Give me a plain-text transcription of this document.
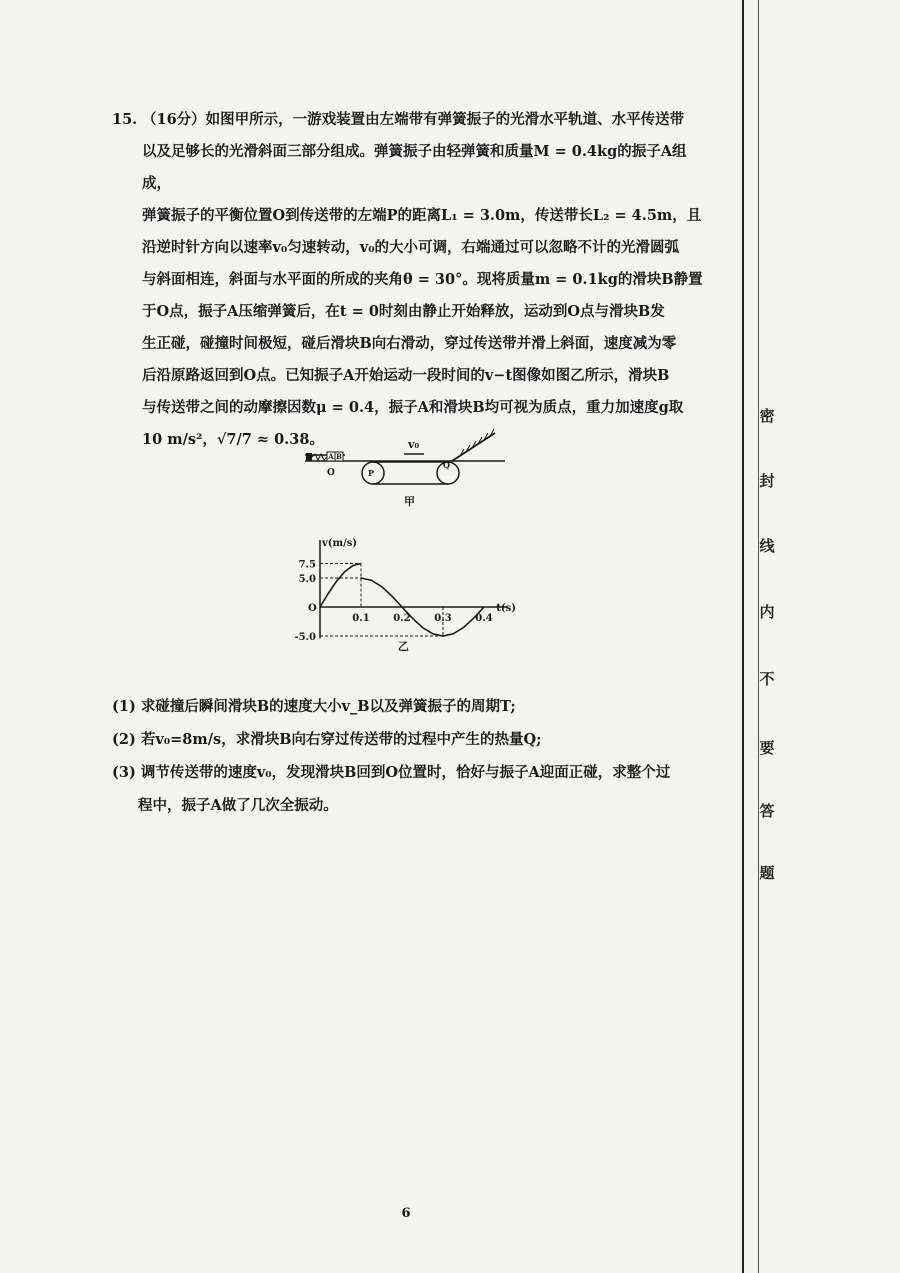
密
封
线
内
不
要
答
题

15. （16分）如图甲所示，一游戏装置由左端带有弹簧振子的光滑水平轨道、水平传送带

以及足够长的光滑斜面三部分组成。弹簧振子由轻弹簧和质量M = 0.4kg的振子A组成，

弹簧振子的平衡位置O到传送带的左端P的距离L₁ = 3.0m，传送带长L₂ = 4.5m，且

沿逆时针方向以速率v₀匀速转动，v₀的大小可调，右端通过可以忽略不计的光滑圆弧

与斜面相连，斜面与水平面的所成的夹角θ = 30°。现将质量m = 0.1kg的滑块B静置

于O点，振子A压缩弹簧后，在t = 0时刻由静止开始释放，运动到O点与滑块B发

生正碰，碰撞时间极短，碰后滑块B向右滑动，穿过传送带并滑上斜面，速度减为零

后沿原路返回到O点。已知振子A开始运动一段时间的v−t图像如图乙所示，滑块B

与传送带之间的动摩擦因数μ = 0.4，振子A和滑块B均可视为质点，重力加速度g取

10 m/s²，√7/7 ≈ 0.38。

A B
O	P
Q
v₀
甲
v(m/s)
t(s)
O
7.5
5.0
-5.0
0.1 0.2 0.3 0.4
乙

(1) 求碰撞后瞬间滑块B的速度大小v_B以及弹簧振子的周期T;

(2) 若v₀=8m/s，求滑块B向右穿过传送带的过程中产生的热量Q;

(3) 调节传送带的速度v₀，发现滑块B回到O位置时，恰好与振子A迎面正碰，求整个过

程中，振子A做了几次全振动。

6
